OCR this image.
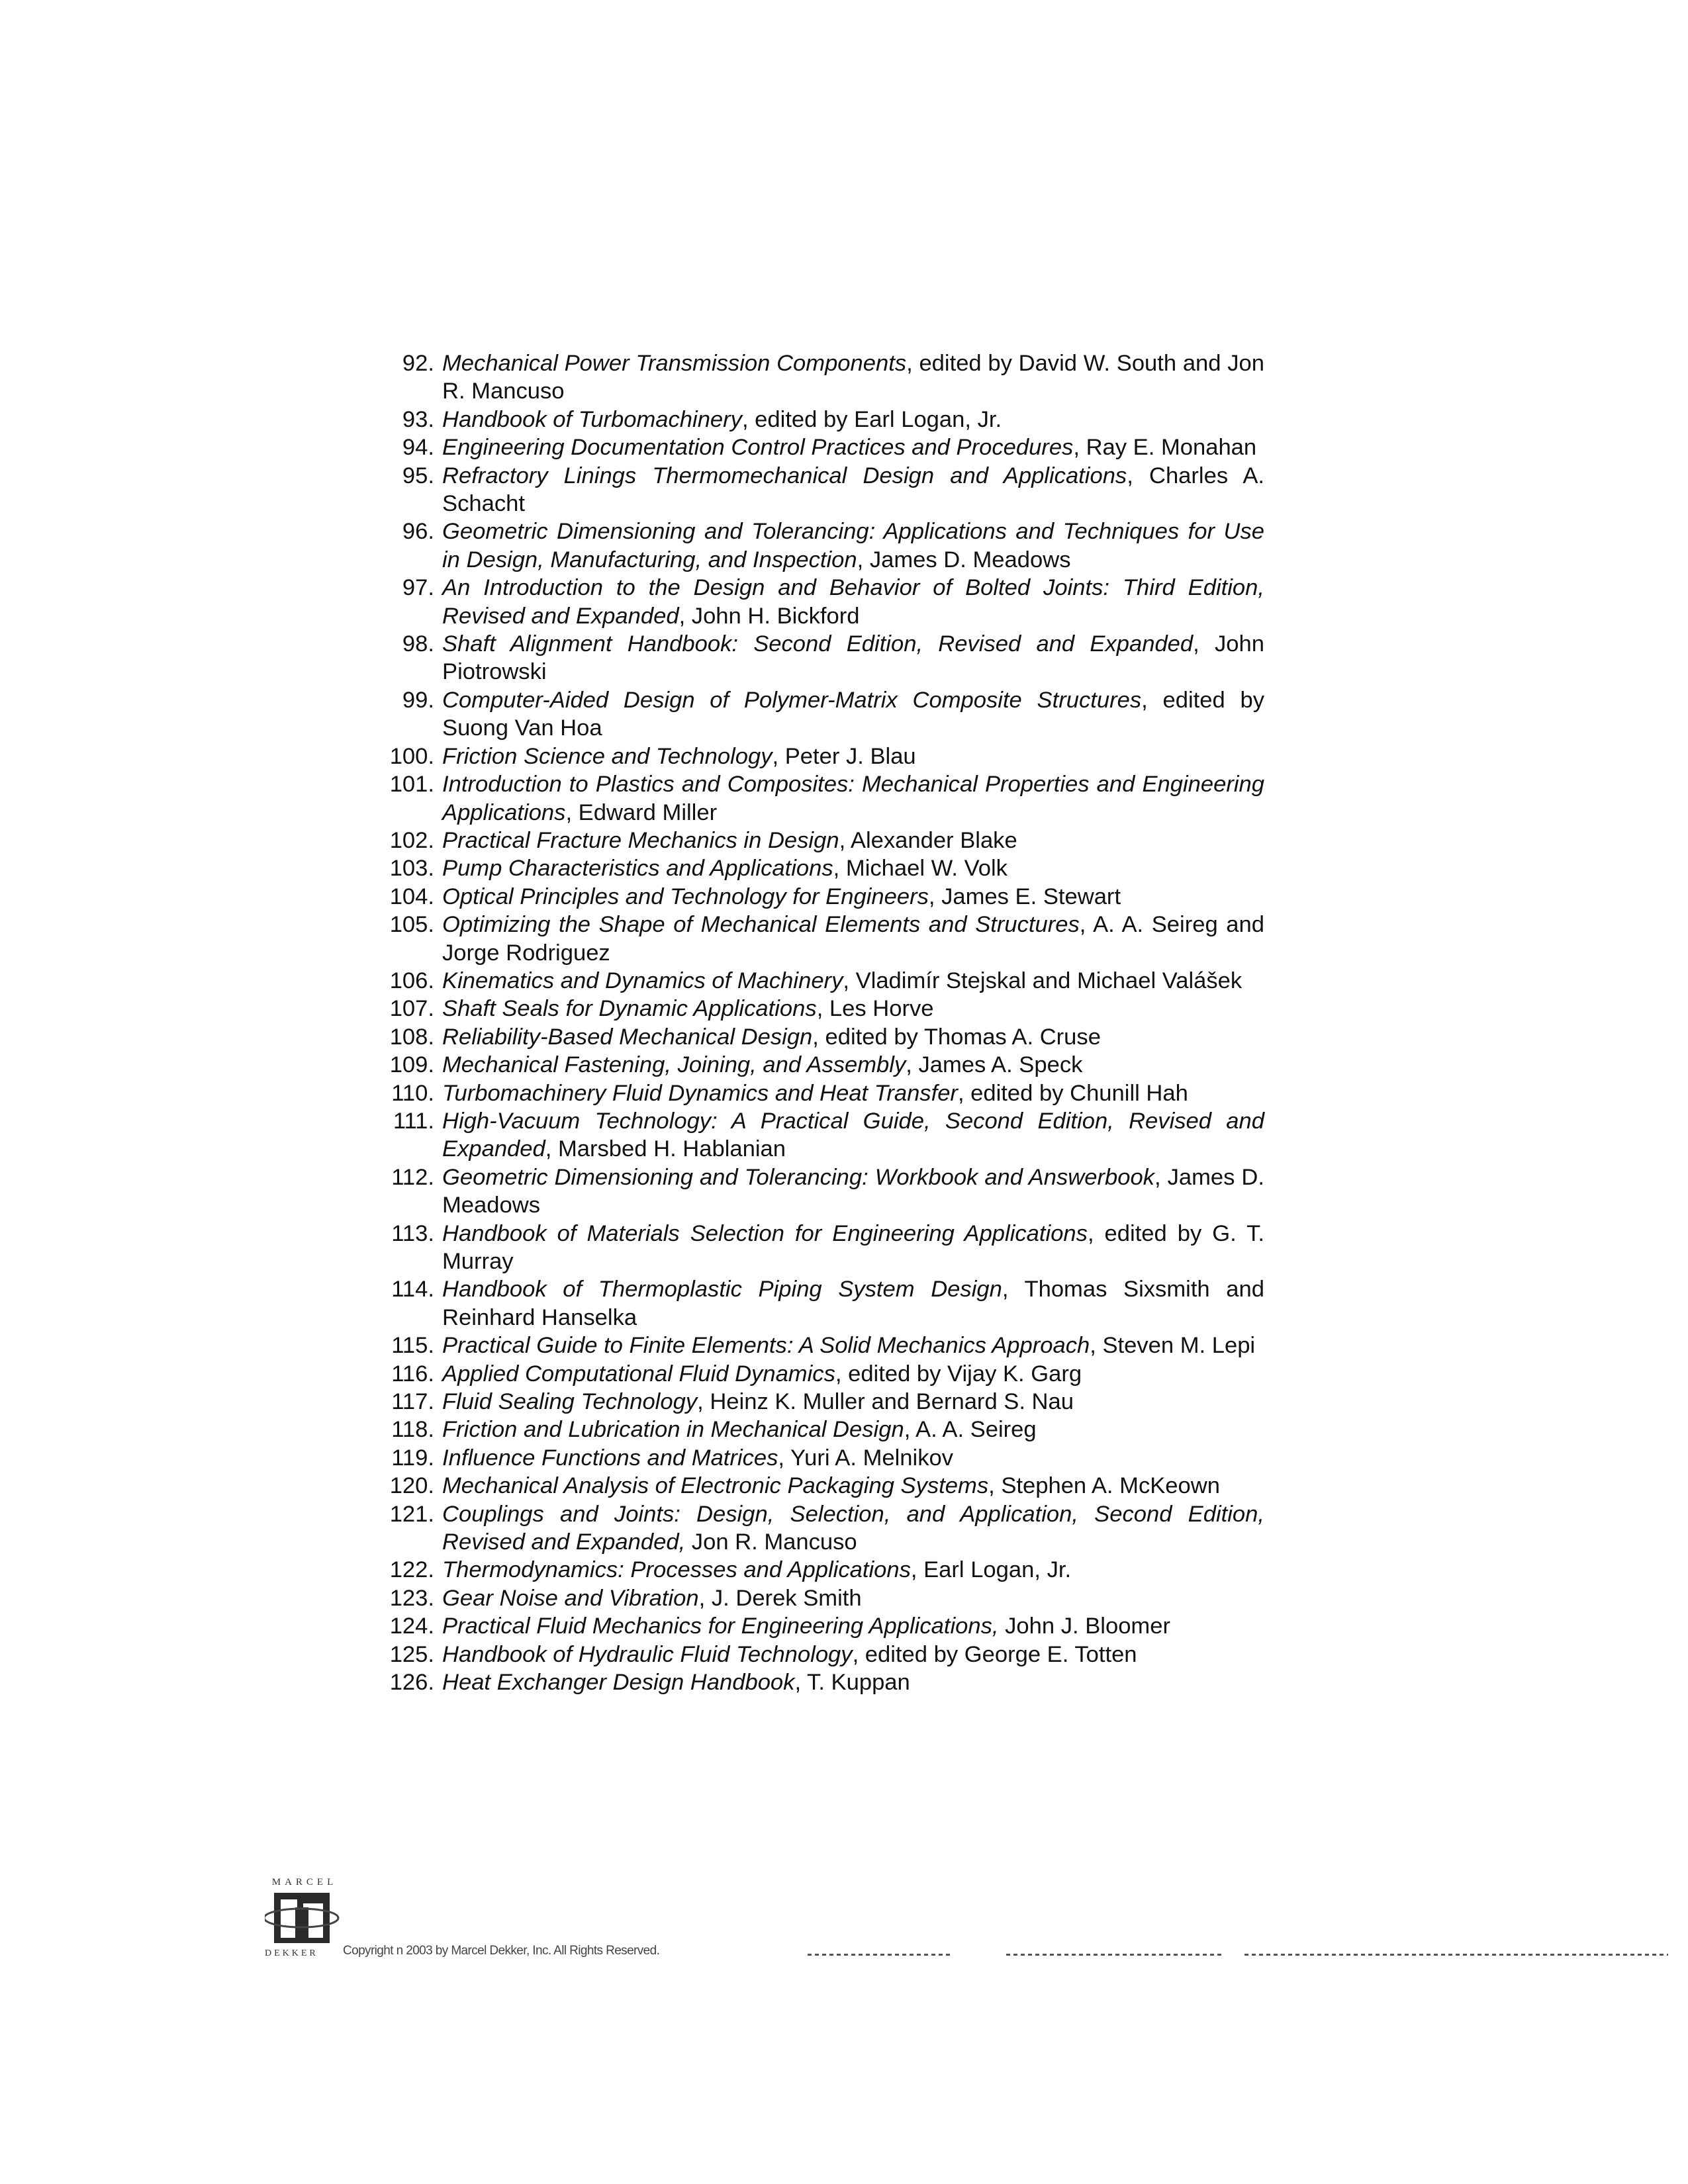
92. Mechanical Power Transmission Components, edited by David W. South and Jon R. Mancuso
93. Handbook of Turbomachinery, edited by Earl Logan, Jr.
94. Engineering Documentation Control Practices and Procedures, Ray E. Monahan
95. Refractory Linings Thermomechanical Design and Applications, Charles A. Schacht
96. Geometric Dimensioning and Tolerancing: Applications and Techniques for Use in Design, Manufacturing, and Inspection, James D. Meadows
97. An Introduction to the Design and Behavior of Bolted Joints: Third Edition, Revised and Expanded, John H. Bickford
98. Shaft Alignment Handbook: Second Edition, Revised and Expanded, John Piotrowski
99. Computer-Aided Design of Polymer-Matrix Composite Structures, edited by Suong Van Hoa
100. Friction Science and Technology, Peter J. Blau
101. Introduction to Plastics and Composites: Mechanical Properties and Engineering Applications, Edward Miller
102. Practical Fracture Mechanics in Design, Alexander Blake
103. Pump Characteristics and Applications, Michael W. Volk
104. Optical Principles and Technology for Engineers, James E. Stewart
105. Optimizing the Shape of Mechanical Elements and Structures, A. A. Seireg and Jorge Rodriguez
106. Kinematics and Dynamics of Machinery, Vladimír Stejskal and Michael Valášek
107. Shaft Seals for Dynamic Applications, Les Horve
108. Reliability-Based Mechanical Design, edited by Thomas A. Cruse
109. Mechanical Fastening, Joining, and Assembly, James A. Speck
110. Turbomachinery Fluid Dynamics and Heat Transfer, edited by Chunill Hah
111. High-Vacuum Technology: A Practical Guide, Second Edition, Revised and Expanded, Marsbed H. Hablanian
112. Geometric Dimensioning and Tolerancing: Workbook and Answerbook, James D. Meadows
113. Handbook of Materials Selection for Engineering Applications, edited by G. T. Murray
114. Handbook of Thermoplastic Piping System Design, Thomas Sixsmith and Reinhard Hanselka
115. Practical Guide to Finite Elements: A Solid Mechanics Approach, Steven M. Lepi
116. Applied Computational Fluid Dynamics, edited by Vijay K. Garg
117. Fluid Sealing Technology, Heinz K. Muller and Bernard S. Nau
118. Friction and Lubrication in Mechanical Design, A. A. Seireg
119. Influence Functions and Matrices, Yuri A. Melnikov
120. Mechanical Analysis of Electronic Packaging Systems, Stephen A. McKeown
121. Couplings and Joints: Design, Selection, and Application, Second Edition, Revised and Expanded, Jon R. Mancuso
122. Thermodynamics: Processes and Applications, Earl Logan, Jr.
123. Gear Noise and Vibration, J. Derek Smith
124. Practical Fluid Mechanics for Engineering Applications, John J. Bloomer
125. Handbook of Hydraulic Fluid Technology, edited by George E. Totten
126. Heat Exchanger Design Handbook, T. Kuppan
MARCEL
DEKKER Copyright n 2003 by Marcel Dekker, Inc. All Rights Reserved.
